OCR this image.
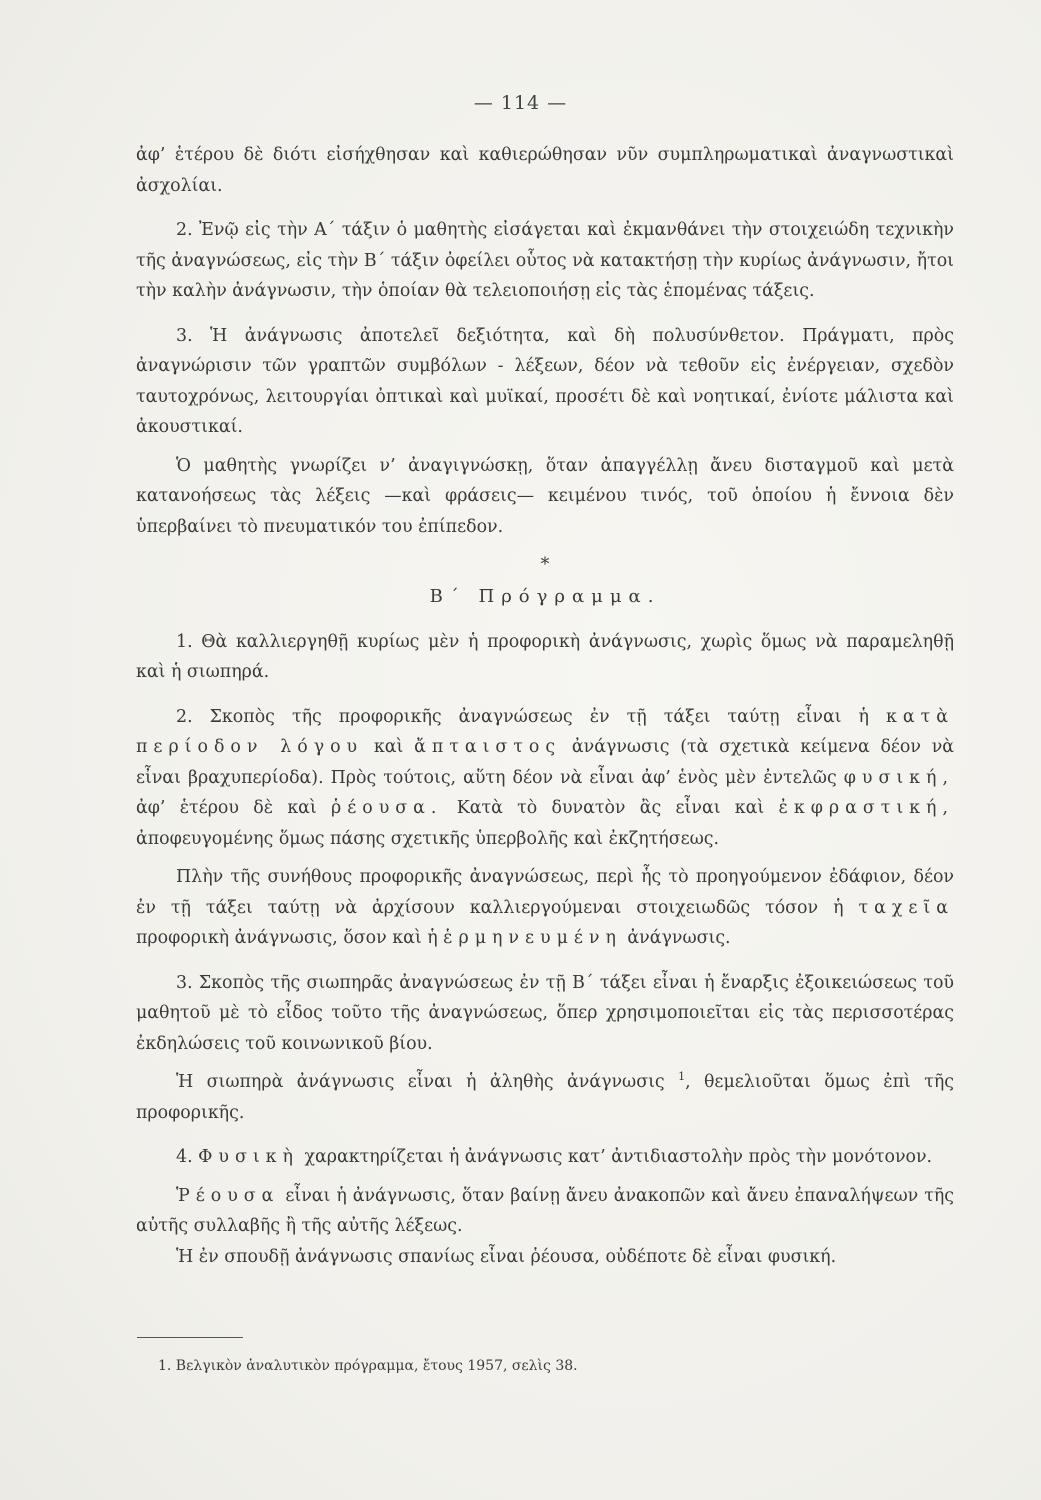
— 114 —

ἀφ’ ἑτέρου δὲ διότι εἰσήχθησαν καὶ καθιερώθησαν νῦν συμπληρωματικαὶ ἀναγνωστικαὶ ἀσχολίαι.

2. Ἐνῷ εἰς τὴν Α΄ τάξιν ὁ μαθητὴς εἰσάγεται καὶ ἐκμανθάνει τὴν στοιχειώδη τεχνικὴν τῆς ἀναγνώσεως, εἰς τὴν Β΄ τάξιν ὀφείλει οὗτος νὰ κατακτήσῃ τὴν κυρίως ἀνάγνωσιν, ἤτοι τὴν καλὴν ἀνάγνωσιν, τὴν ὁποίαν θὰ τελειοποιήσῃ εἰς τὰς ἑπομένας τάξεις.

3. Ἡ ἀνάγνωσις ἀποτελεῖ δεξιότητα, καὶ δὴ πολυσύνθετον. Πράγματι, πρὸς ἀναγνώρισιν τῶν γραπτῶν συμβόλων - λέξεων, δέον νὰ τεθοῦν εἰς ἐνέργειαν, σχεδὸν ταυτοχρόνως, λειτουργίαι ὀπτικαὶ καὶ μυϊκαί, προσέτι δὲ καὶ νοητικαί, ἐνίοτε μάλιστα καὶ ἀκουστικαί.

Ὁ μαθητὴς γνωρίζει ν’ ἀναγιγνώσκῃ, ὅταν ἀπαγγέλλῃ ἄνευ δισταγμοῦ καὶ μετὰ κατανοήσεως τὰς λέξεις —καὶ φράσεις— κειμένου τινός, τοῦ ὁποίου ἡ ἔννοια δὲν ὑπερβαίνει τὸ πνευματικόν του ἐπίπεδον.

*

Β΄ Πρόγραμμα.

1. Θὰ καλλιεργηθῇ κυρίως μὲν ἡ προφορικὴ ἀνάγνωσις, χωρὶς ὅμως νὰ παραμεληθῇ καὶ ἡ σιωπηρά.

2. Σκοπὸς τῆς προφορικῆς ἀναγνώσεως ἐν τῇ τάξει ταύτῃ εἶναι ἡ κατὰ περίοδον λόγου καὶ ἄπταιστος ἀνάγνωσις (τὰ σχετικὰ κείμενα δέον νὰ εἶναι βραχυπερίοδα). Πρὸς τούτοις, αὕτη δέον νὰ εἶναι ἀφ’ ἑνὸς μὲν ἐντελῶς φυσική, ἀφ’ ἑτέρου δὲ καὶ ῥέουσα. Κατὰ τὸ δυνατὸν ἂς εἶναι καὶ ἐκφραστική, ἀποφευγομένης ὅμως πάσης σχετικῆς ὑπερβολῆς καὶ ἐκζητήσεως.

Πλὴν τῆς συνήθους προφορικῆς ἀναγνώσεως, περὶ ἧς τὸ προηγούμενον ἐδάφιον, δέον ἐν τῇ τάξει ταύτῃ νὰ ἀρχίσουν καλλιεργούμεναι στοιχειωδῶς τόσον ἡ ταχεῖα προφορικὴ ἀνάγνωσις, ὅσον καὶ ἡ ἑρμηνευμένη ἀνάγνωσις.

3. Σκοπὸς τῆς σιωπηρᾶς ἀναγνώσεως ἐν τῇ Β΄ τάξει εἶναι ἡ ἔναρξις ἐξοικειώσεως τοῦ μαθητοῦ μὲ τὸ εἶδος τοῦτο τῆς ἀναγνώσεως, ὅπερ χρησιμοποιεῖται εἰς τὰς περισσοτέρας ἐκδηλώσεις τοῦ κοινωνικοῦ βίου.

Ἡ σιωπηρὰ ἀνάγνωσις εἶναι ἡ ἀληθὴς ἀνάγνωσις $^1$, θεμελιοῦται ὅμως ἐπὶ τῆς προφορικῆς.

4. Φυσικὴ χαρακτηρίζεται ἡ ἀνάγνωσις κατ’ ἀντιδιαστολὴν πρὸς τὴν μονότονον.

Ῥέουσα εἶναι ἡ ἀνάγνωσις, ὅταν βαίνῃ ἄνευ ἀνακοπῶν καὶ ἄνευ ἐπαναλήψεων τῆς αὐτῆς συλλαβῆς ἢ τῆς αὐτῆς λέξεως.

Ἡ ἐν σπουδῇ ἀνάγνωσις σπανίως εἶναι ῥέουσα, οὐδέποτε δὲ εἶναι φυσική.

1. Βελγικὸν ἀναλυτικὸν πρόγραμμα, ἔτους 1957, σελὶς 38.
